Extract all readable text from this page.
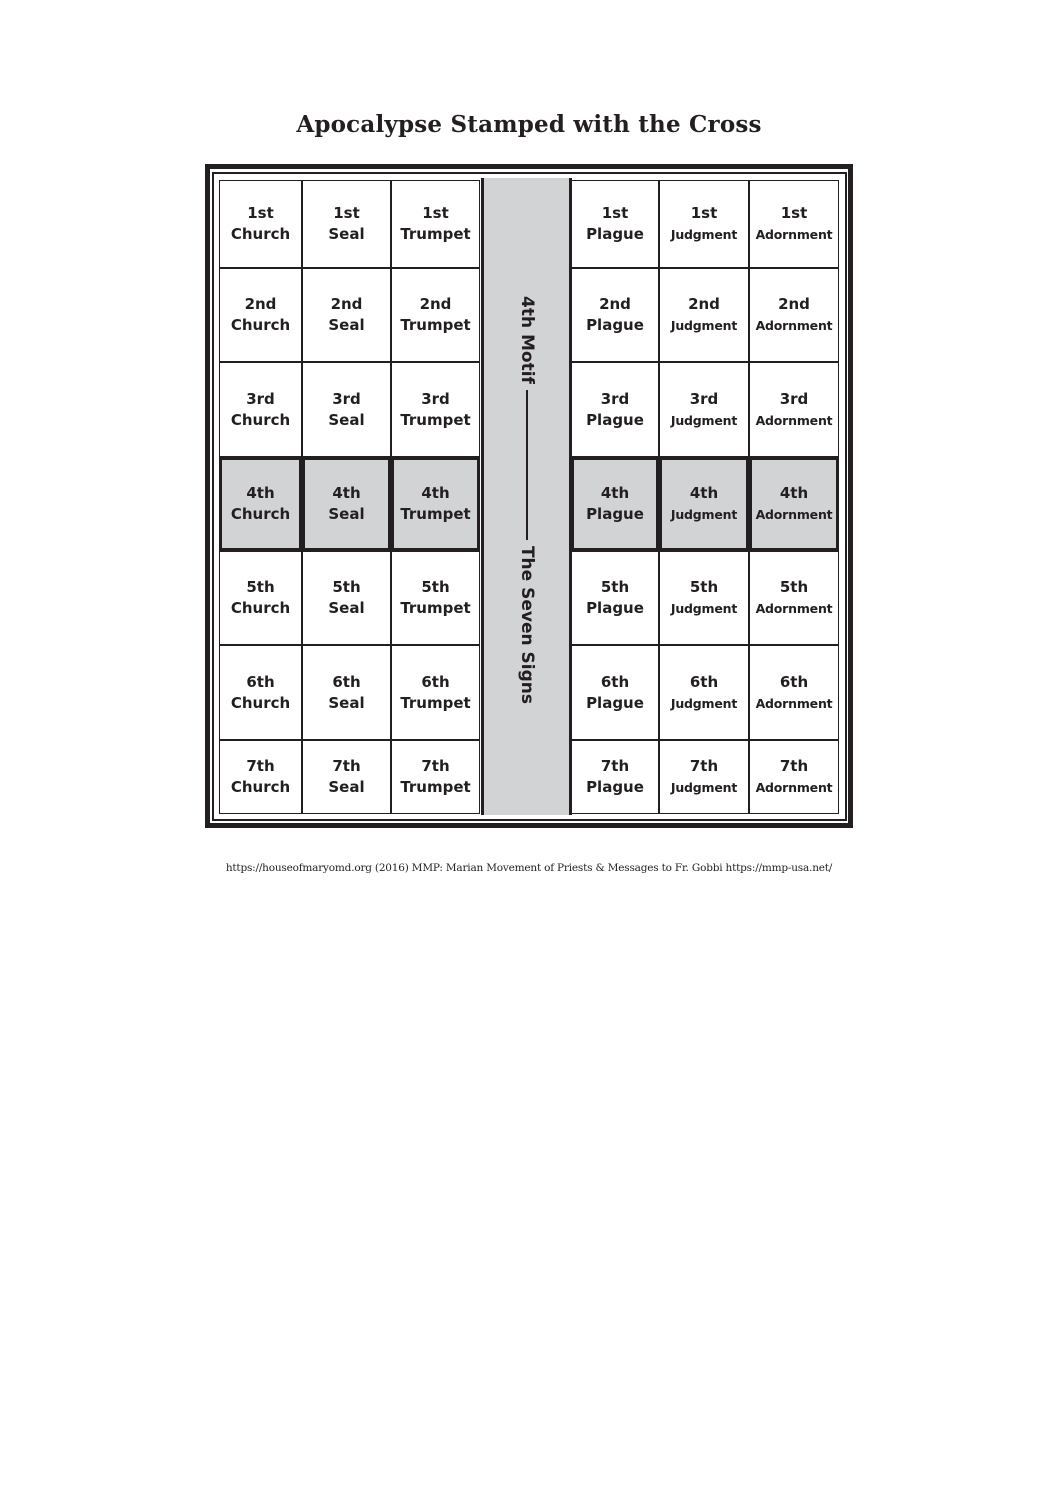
Apocalypse Stamped with the Cross
1st
Church
1st
Seal
1st
Trumpet
1st
Plague
1st
Judgment
1st
Adornment
2nd
Church
2nd
Seal
2nd
Trumpet
2nd
Plague
2nd
Judgment
2nd
Adornment
3rd
Church
3rd
Seal
3rd
Trumpet
3rd
Plague
3rd
Judgment
3rd
Adornment
4th
Church
4th
Seal
4th
Trumpet
4th
Plague
4th
Judgment
4th
Adornment
5th
Church
5th
Seal
5th
Trumpet
5th
Plague
5th
Judgment
5th
Adornment
6th
Church
6th
Seal
6th
Trumpet
6th
Plague
6th
Judgment
6th
Adornment
7th
Church
7th
Seal
7th
Trumpet
7th
Plague
7th
Judgment
7th
Adornment
4th Motif
The Seven Signs
https://houseofmaryomd.org (2016) MMP: Marian Movement of Priests & Messages to Fr. Gobbi https://mmp-usa.net/
